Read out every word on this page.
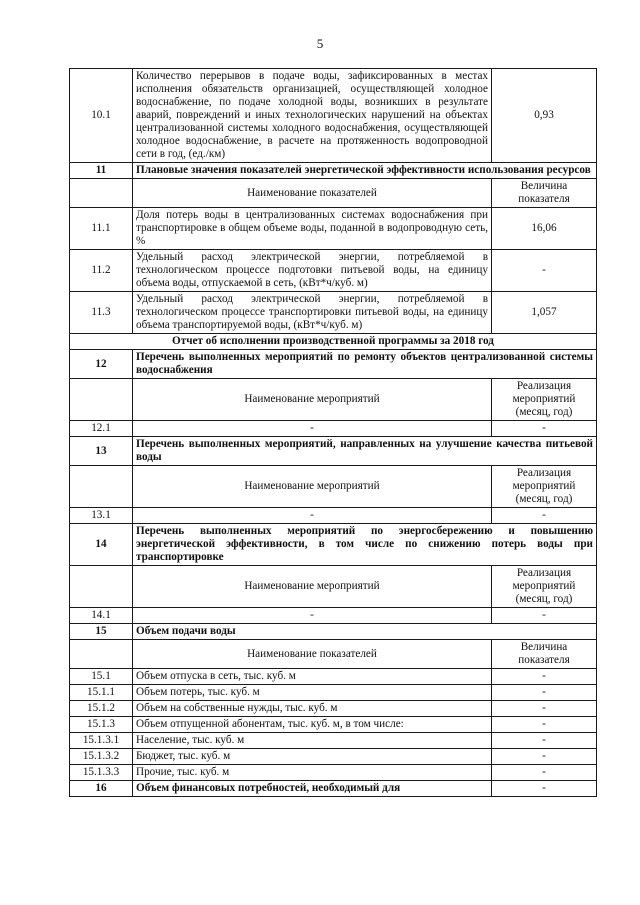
5
10.1	Количество перерывов в подаче воды, зафиксированных в местах исполнения обязательств организацией, осуществляющей холодное водоснабжение, по подаче холодной воды, возникших в результате аварий, повреждений и иных технологических нарушений на объектах централизованной системы холодного водоснабжения, осуществляющей холодное водоснабжение, в расчете на протяженность водопроводной сети в год, (ед./км)	0,93
11	Плановые значения показателей энергетической эффективности использования ресурсов	
	Наименование показателей	Величина показателя
11.1	Доля потерь воды в централизованных системах водоснабжения при транспортировке в общем объеме воды, поданной в водопроводную сеть, %	16,06
11.2	Удельный расход электрической энергии, потребляемой в технологическом процессе подготовки питьевой воды, на единицу объема воды, отпускаемой в сеть, (кВт*ч/куб. м)	-
11.3	Удельный расход электрической энергии, потребляемой в технологическом процессе транспортировки питьевой воды, на единицу объема транспортируемой воды, (кВт*ч/куб. м)	1,057
Отчет об исполнении производственной программы за 2018 год		
12	Перечень выполненных мероприятий по ремонту объектов централизованной системы водоснабжения	
	Наименование мероприятий	Реализация мероприятий (месяц, год)
12.1	-	-
13	Перечень выполненных мероприятий, направленных на улучшение качества питьевой воды	
	Наименование мероприятий	Реализация мероприятий (месяц, год)
13.1	-	-
14	Перечень выполненных мероприятий по энергосбережению и повышению энергетической эффективности, в том числе по снижению потерь воды при транспортировке	
	Наименование мероприятий	Реализация мероприятий (месяц, год)
14.1	-	-
15	Объем подачи воды	
	Наименование показателей	Величина показателя
15.1	Объем отпуска в сеть, тыс. куб. м	-
15.1.1	Объем потерь, тыс. куб. м	-
15.1.2	Объем на собственные нужды, тыс. куб. м	-
15.1.3	Объем отпущенной абонентам, тыс. куб. м, в том числе:	-
15.1.3.1	Население, тыс. куб. м	-
15.1.3.2	Бюджет, тыс. куб. м	-
15.1.3.3	Прочие, тыс. куб. м	-
16	Объем финансовых потребностей, необходимый для	-
